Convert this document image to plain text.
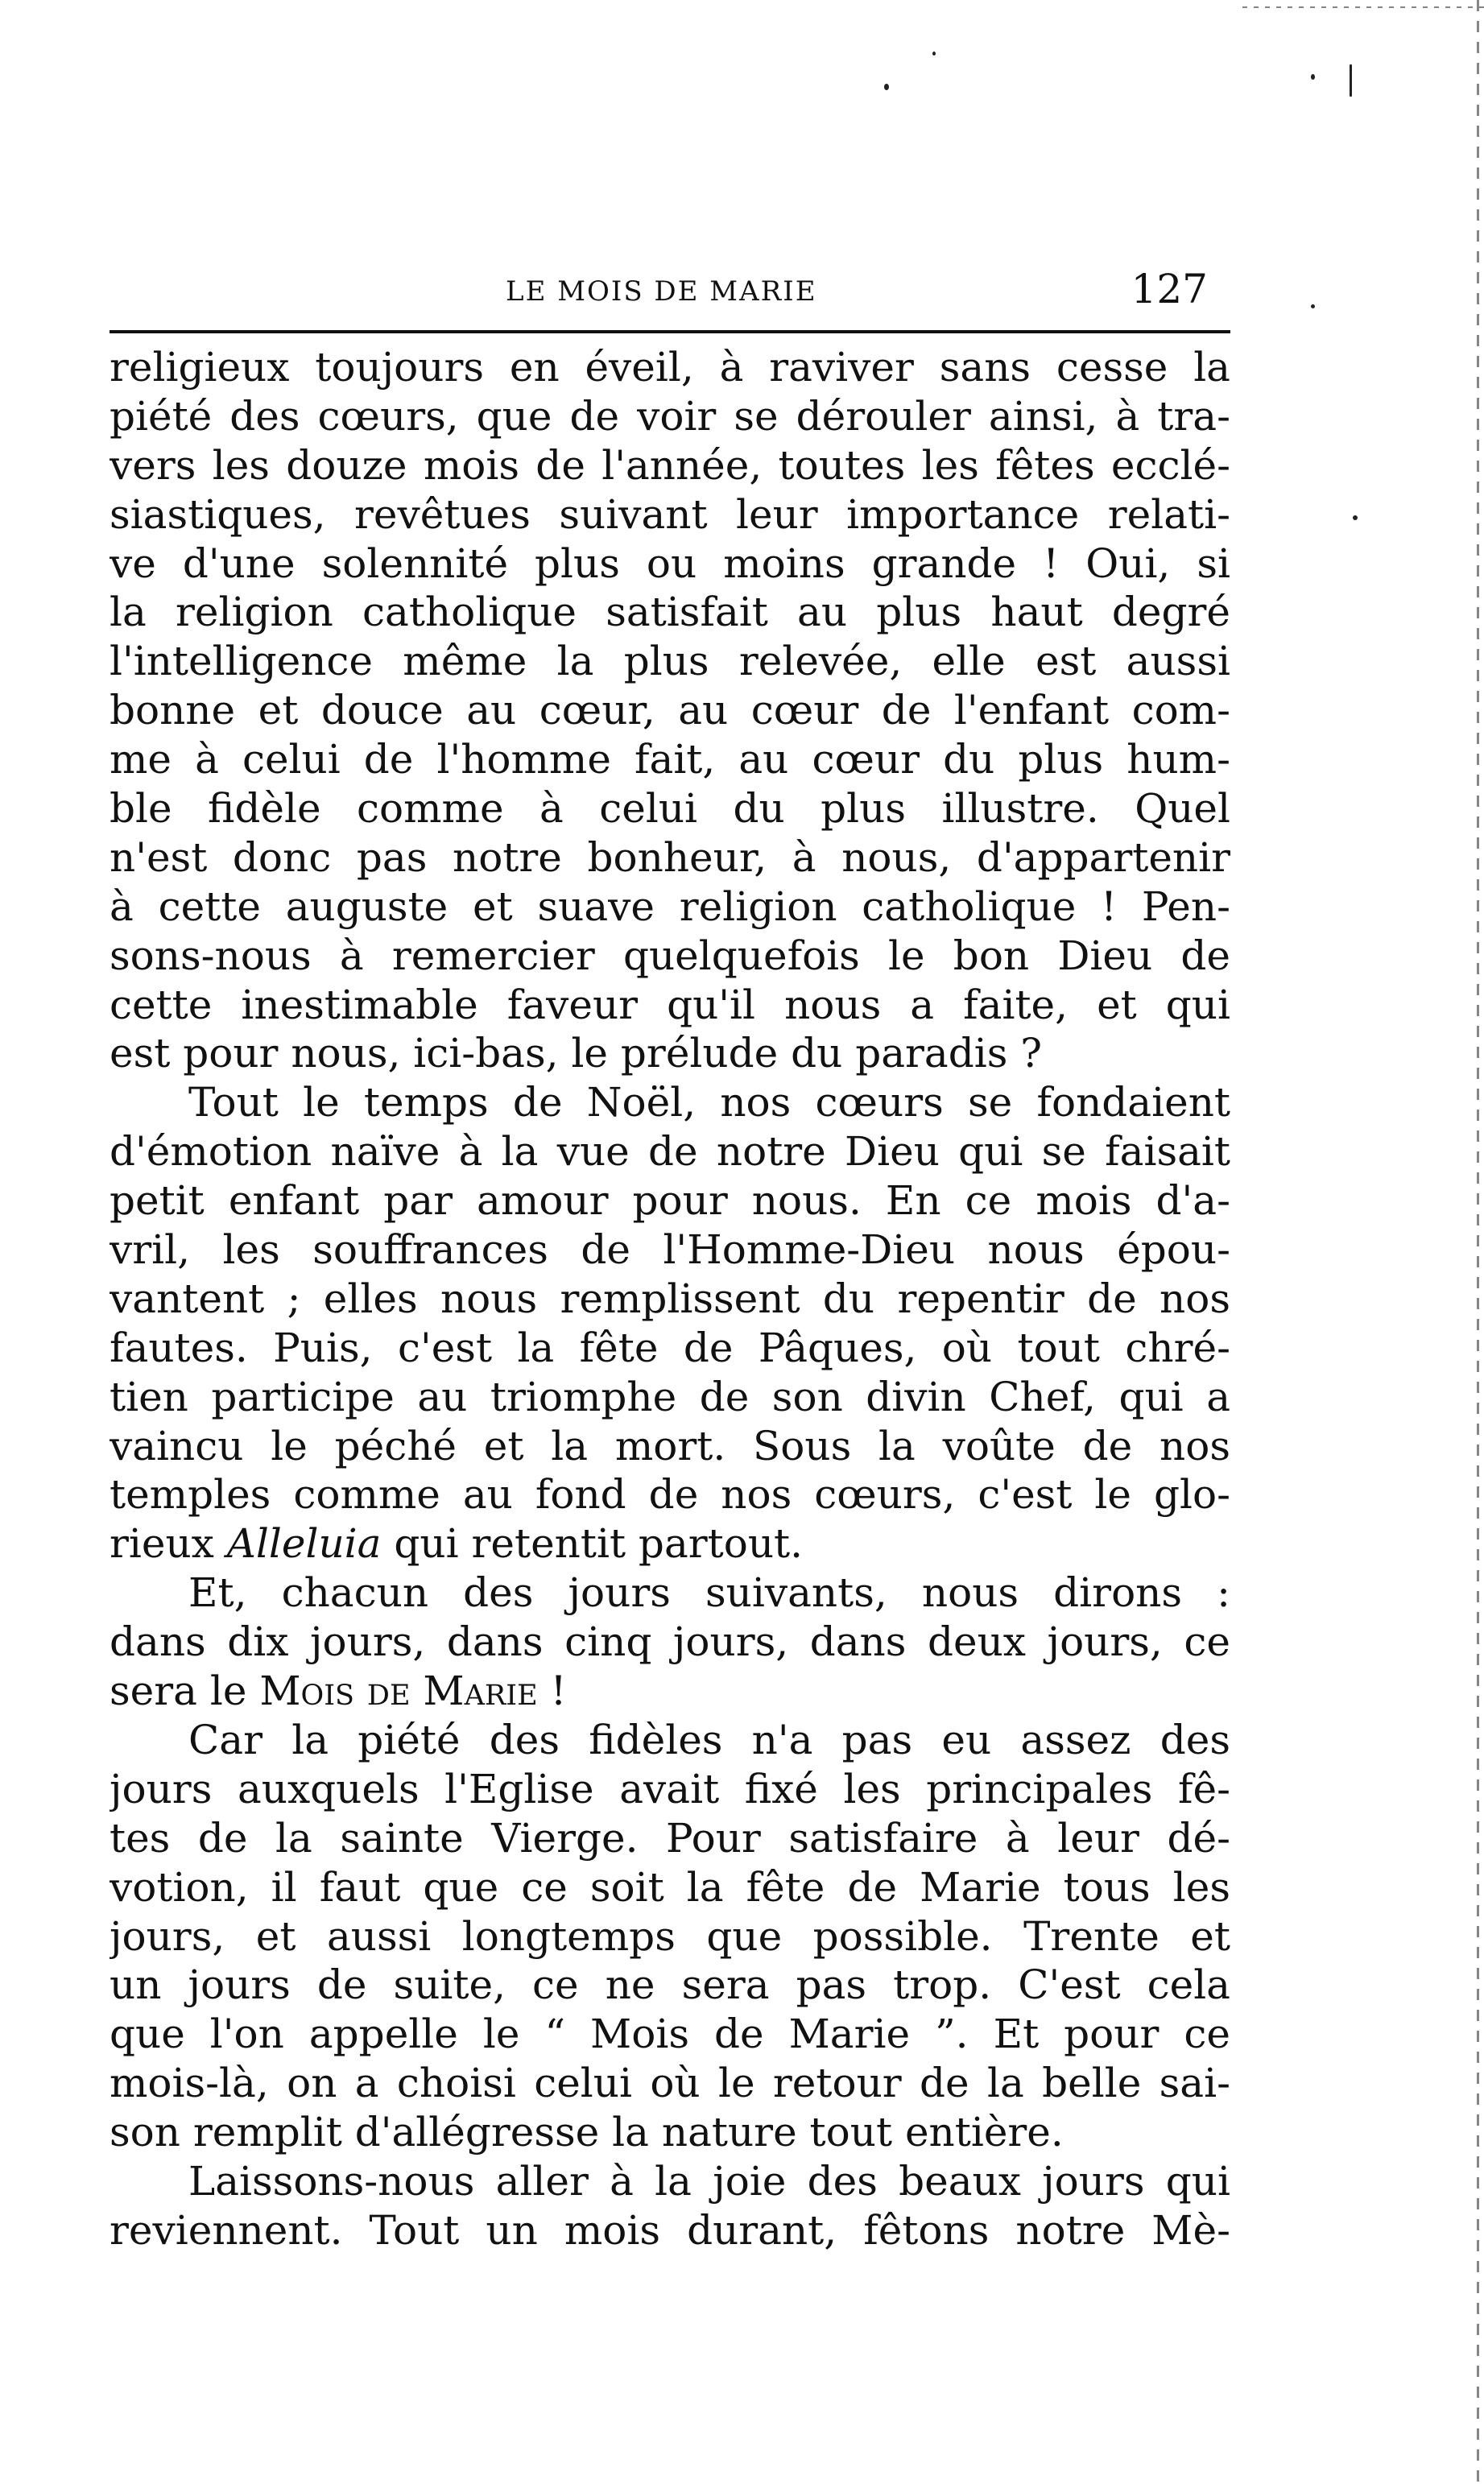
LE MOIS DE MARIE	127
religieux toujours en éveil, à raviver sans cesse la
piété des cœurs, que de voir se dérouler ainsi, à tra-
vers les douze mois de l'année, toutes les fêtes ecclé-
siastiques, revêtues suivant leur importance relati-
ve d'une solennité plus ou moins grande ! Oui, si
la religion catholique satisfait au plus haut degré
l'intelligence même la plus relevée, elle est aussi
bonne et douce au cœur, au cœur de l'enfant com-
me à celui de l'homme fait, au cœur du plus hum-
ble fidèle comme à celui du plus illustre. Quel
n'est donc pas notre bonheur, à nous, d'appartenir
à cette auguste et suave religion catholique ! Pen-
sons-nous à remercier quelquefois le bon Dieu de
cette inestimable faveur qu'il nous a faite, et qui
est pour nous, ici-bas, le prélude du paradis ?
Tout le temps de Noël, nos cœurs se fondaient
d'émotion naïve à la vue de notre Dieu qui se faisait
petit enfant par amour pour nous. En ce mois d'a-
vril, les souffrances de l'Homme-Dieu nous épou-
vantent ; elles nous remplissent du repentir de nos
fautes. Puis, c'est la fête de Pâques, où tout chré-
tien participe au triomphe de son divin Chef, qui a
vaincu le péché et la mort. Sous la voûte de nos
temples comme au fond de nos cœurs, c'est le glo-
rieux Alleluia qui retentit partout.
Et, chacun des jours suivants, nous dirons :
dans dix jours, dans cinq jours, dans deux jours, ce
sera le Mois de Marie !
Car la piété des fidèles n'a pas eu assez des
jours auxquels l'Eglise avait fixé les principales fê-
tes de la sainte Vierge. Pour satisfaire à leur dé-
votion, il faut que ce soit la fête de Marie tous les
jours, et aussi longtemps que possible. Trente et
un jours de suite, ce ne sera pas trop. C'est cela
que l'on appelle le “ Mois de Marie ”. Et pour ce
mois-là, on a choisi celui où le retour de la belle sai-
son remplit d'allégresse la nature tout entière.
Laissons-nous aller à la joie des beaux jours qui
reviennent. Tout un mois durant, fêtons notre Mè-
